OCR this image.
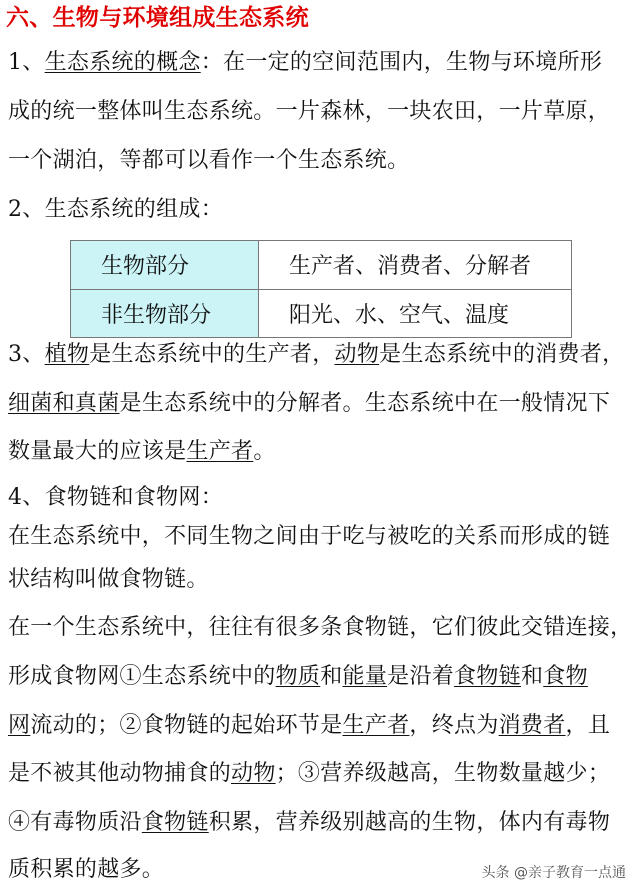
六、生物与环境组成生态系统
1、生态系统的概念：在一定的空间范围内，生物与环境所形
成的统一整体叫生态系统。一片森林，一块农田，一片草原，
一个湖泊，等都可以看作一个生态系统。
2、生态系统的组成：
生物部分	生产者、消费者、分解者
非生物部分	阳光、水、空气、温度
3、植物是生态系统中的生产者，动物是生态系统中的消费者，
细菌和真菌是生态系统中的分解者。生态系统中在一般情况下
数量最大的应该是生产者。
4、食物链和食物网：
在生态系统中，不同生物之间由于吃与被吃的关系而形成的链
状结构叫做食物链。
在一个生态系统中，往往有很多条食物链，它们彼此交错连接，
形成食物网①生态系统中的物质和能量是沿着食物链和食物
网流动的；②食物链的起始环节是生产者，终点为消费者，且
是不被其他动物捕食的动物；③营养级越高，生物数量越少；
④有毒物质沿食物链积累，营养级别越高的生物，体内有毒物
质积累的越多。	头条 @亲子教育一点通
